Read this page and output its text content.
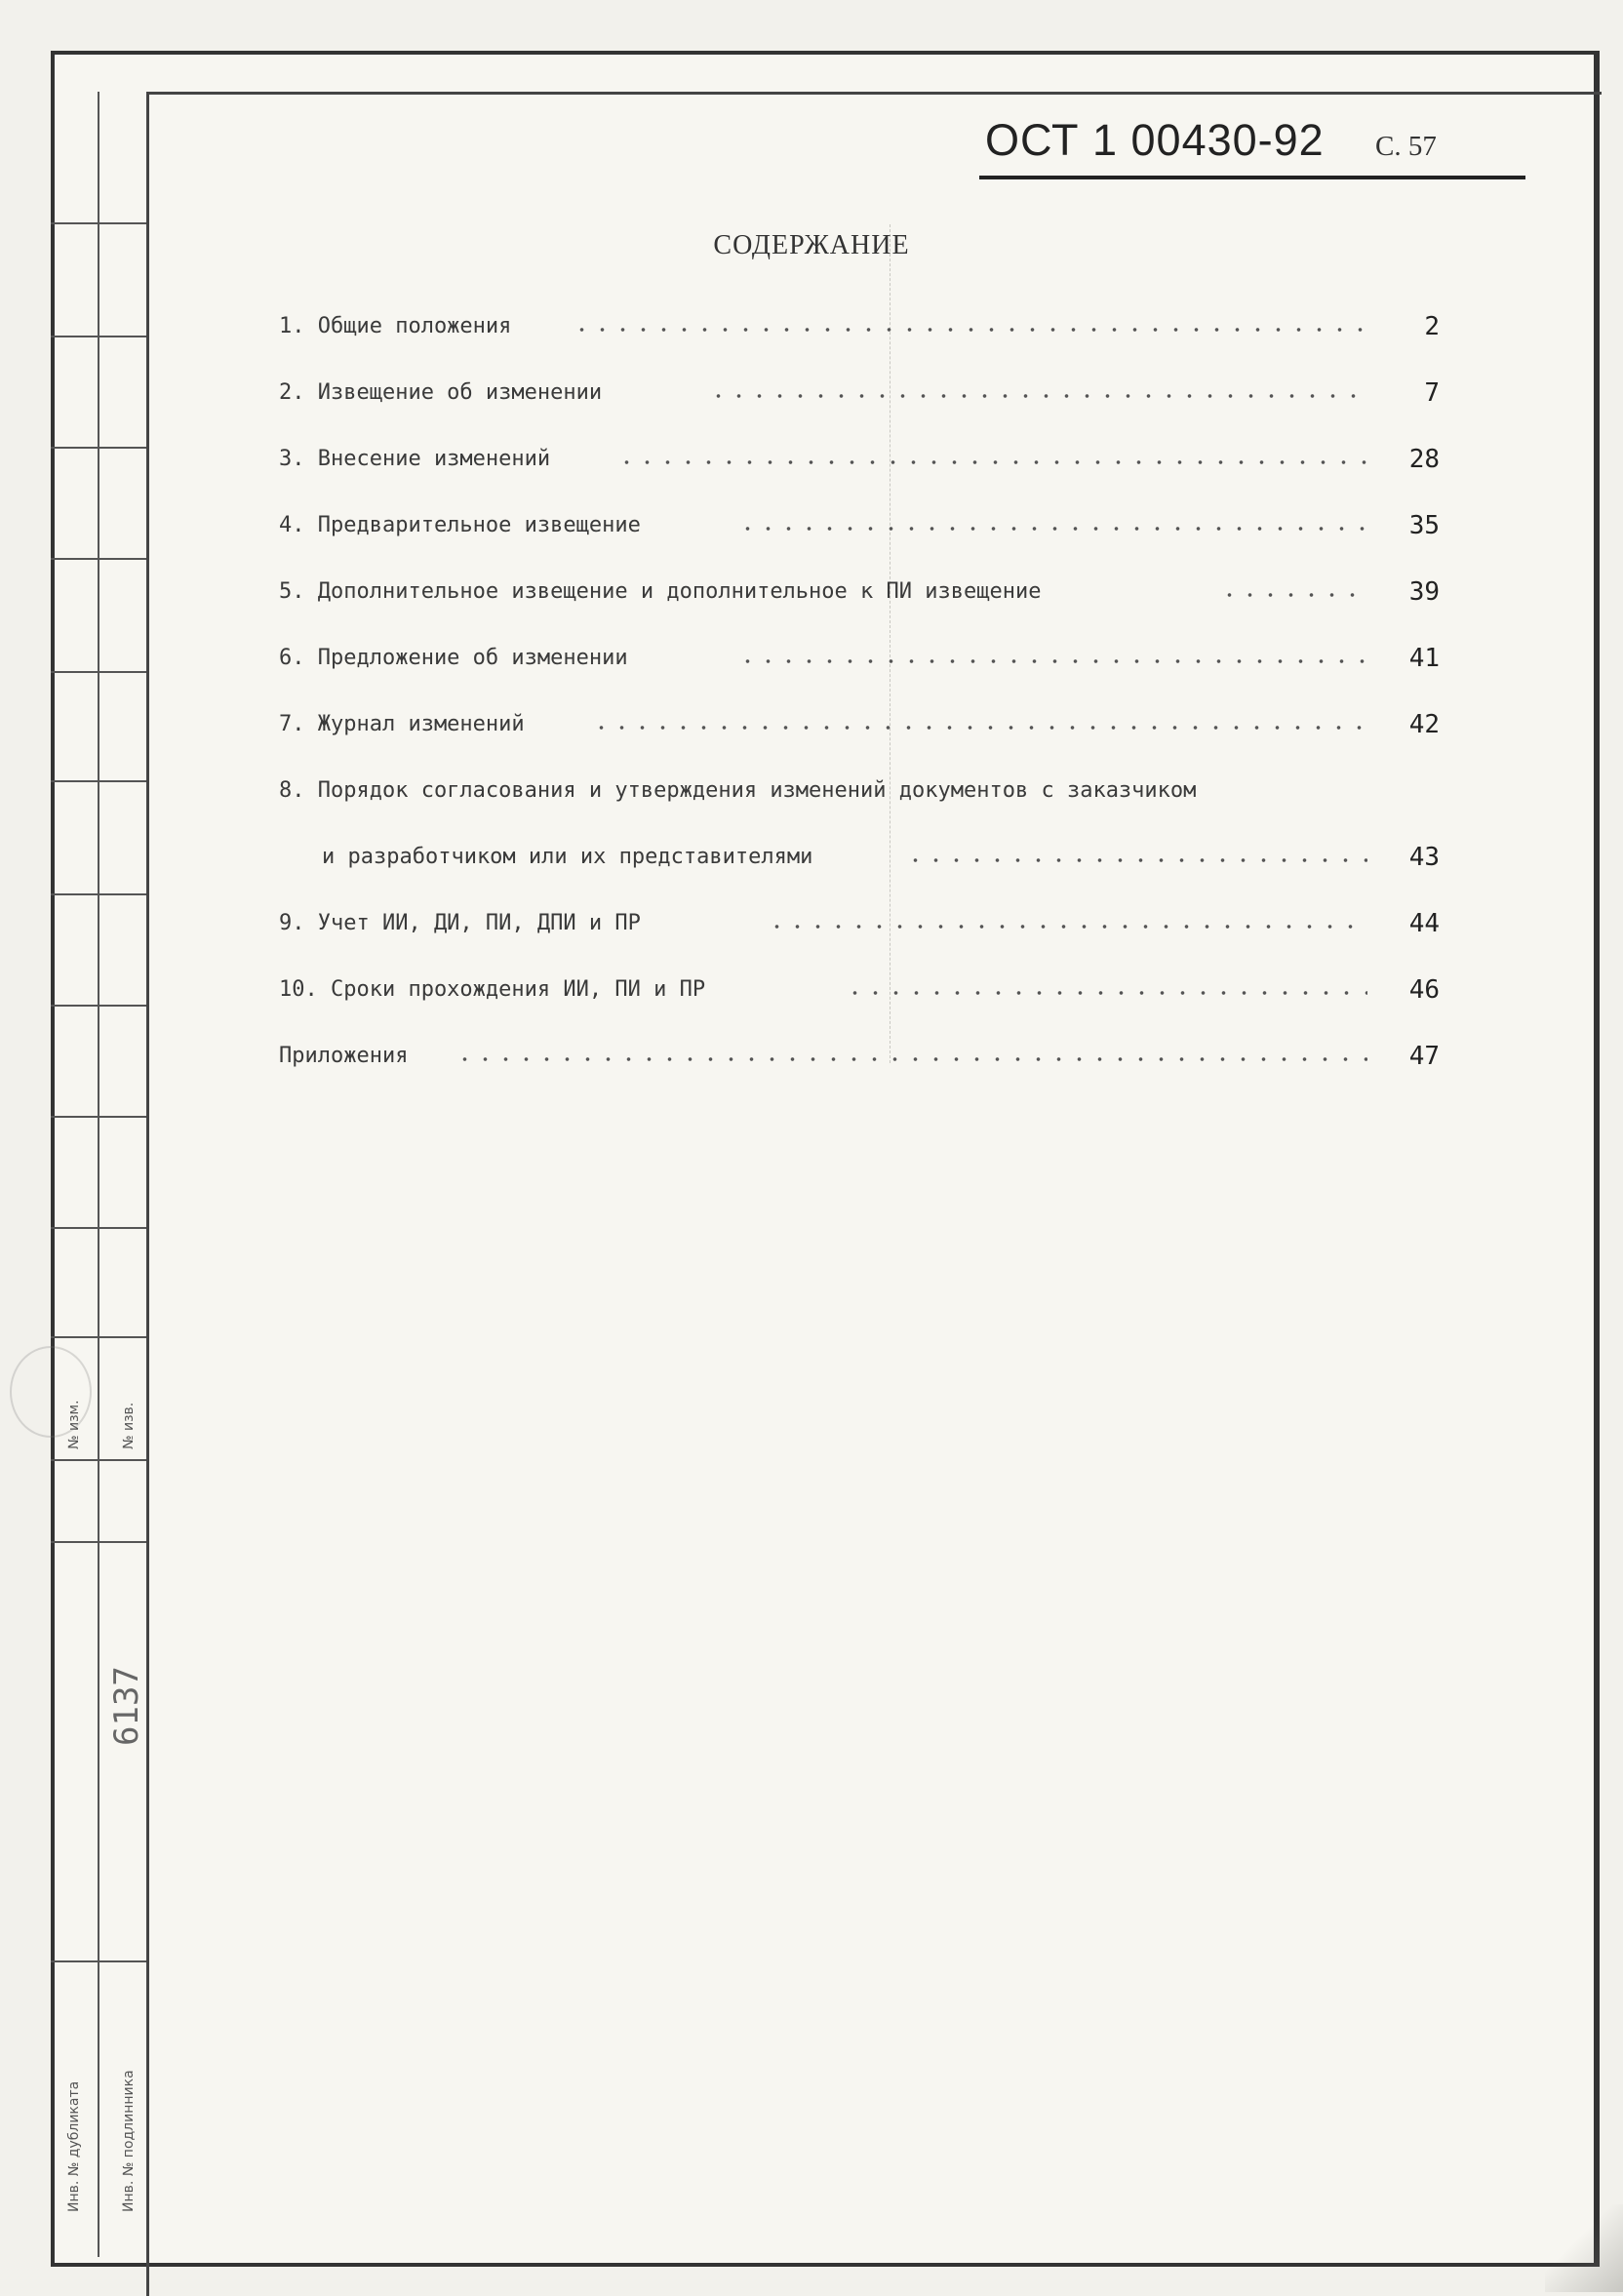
№ изм.	№ изв.
6137
Инв. № дубликата	Инв. № подлинника
ОСТ 1 00430-92 С. 57
СОДЕРЖАНИЕ
1. Общие положения	2
2. Извещение об изменении	7
3. Внесение изменений	28
4. Предварительное извещение	35
5. Дополнительное извещение и дополнительное к ПИ извещение	39
6. Предложение об изменении	41
7. Журнал изменений	42
8. Порядок согласования и утверждения изменений документов с заказчиком
и разработчиком или их представителями	43
9. Учет ИИ, ДИ, ПИ, ДПИ и ПР	44
10. Сроки прохождения ИИ, ПИ и ПР	46
Приложения	47
